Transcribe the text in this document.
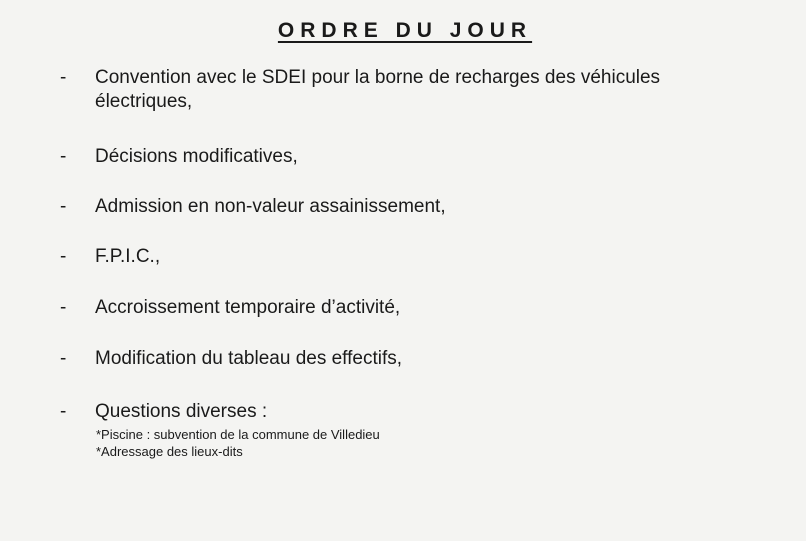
ORDRE DU JOUR
- Convention avec le SDEI pour la borne de recharges des véhicules
électriques,
- Décisions modificatives,
- Admission en non-valeur assainissement,
- F.P.I.C.,
- Accroissement temporaire d’activité,
- Modification du tableau des effectifs,
- Questions diverses :
*Piscine : subvention de la commune de Villedieu
*Adressage des lieux-dits
